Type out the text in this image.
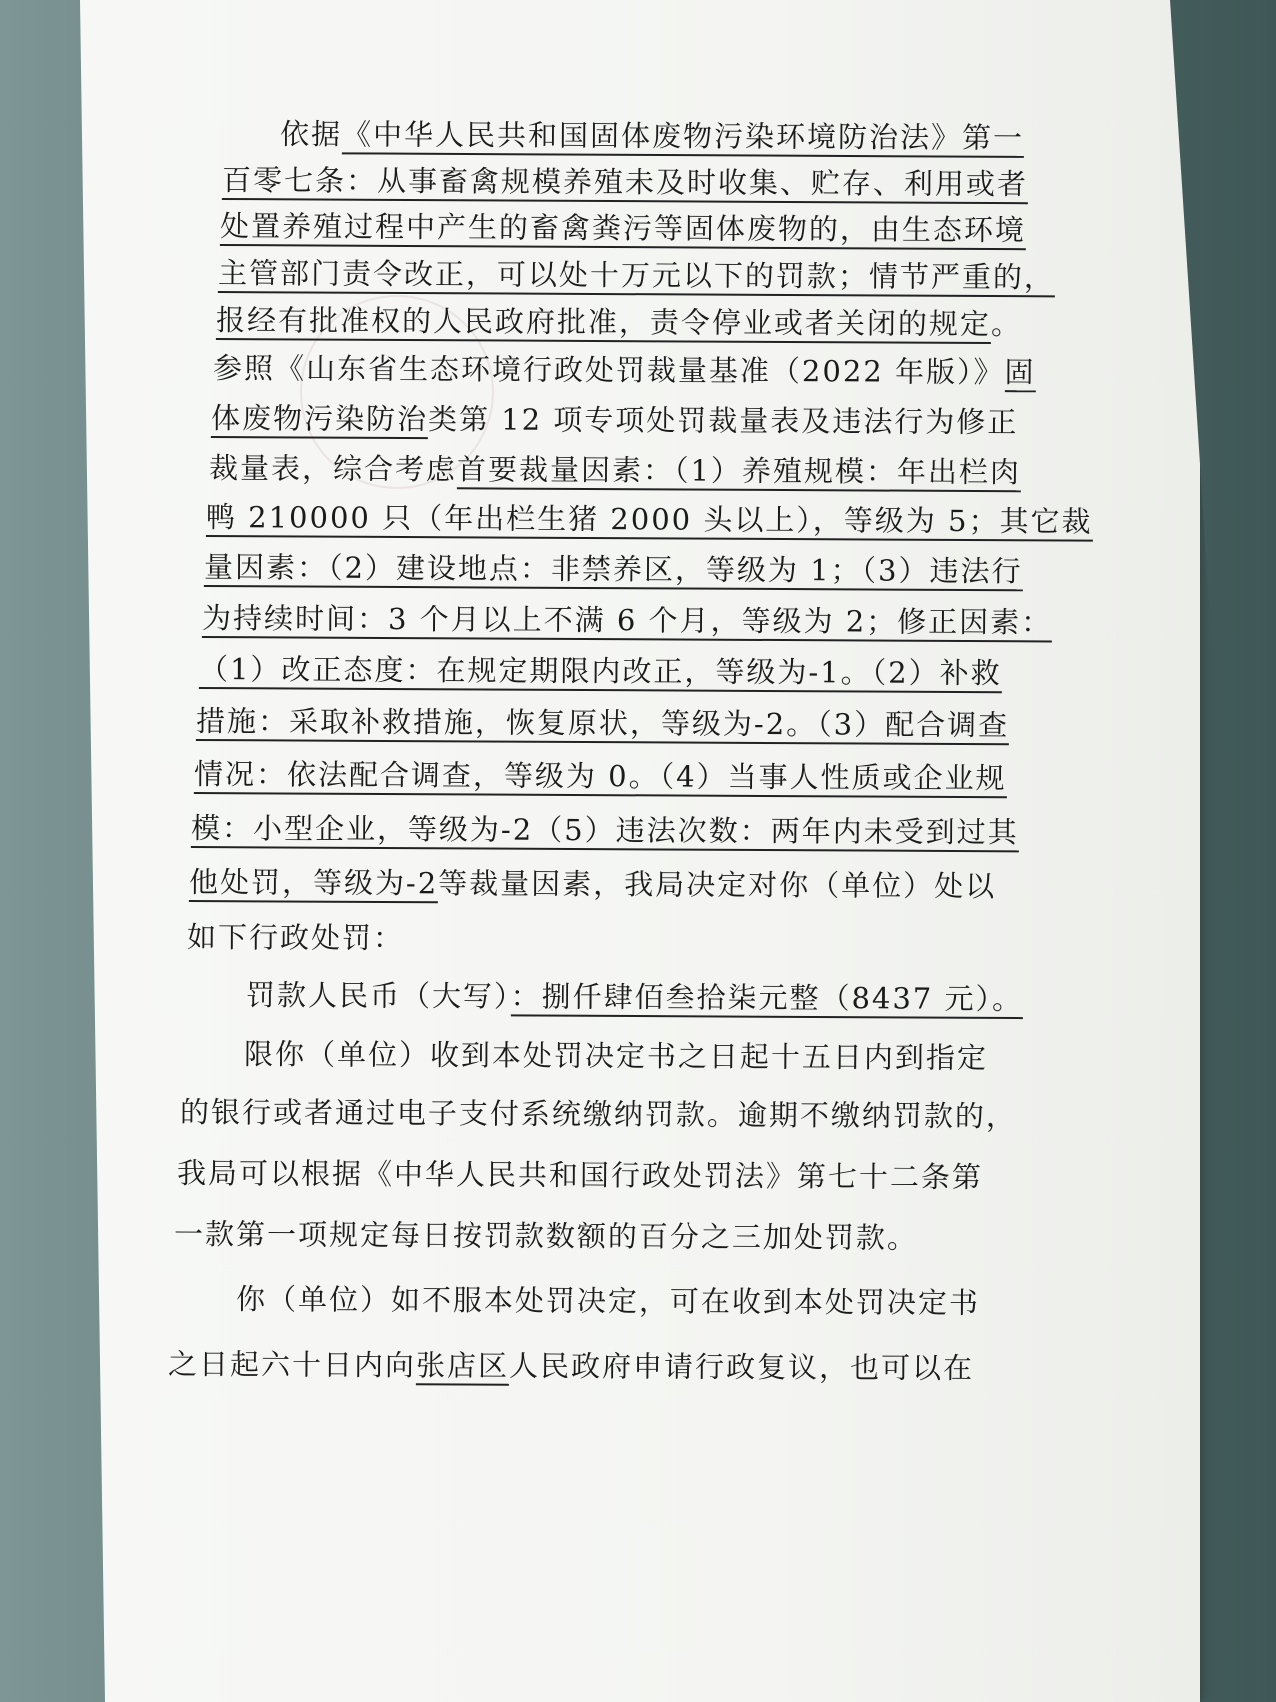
依据《中华人民共和国固体废物污染环境防治法》第一
百零七条：从事畜禽规模养殖未及时收集、贮存、利用或者
处置养殖过程中产生的畜禽粪污等固体废物的，由生态环境
主管部门责令改正，可以处十万元以下的罚款；情节严重的，
报经有批准权的人民政府批准，责令停业或者关闭的规定。
参照《山东省生态环境行政处罚裁量基准（2022 年版）》固
体废物污染防治类第 12 项专项处罚裁量表及违法行为修正
裁量表，综合考虑首要裁量因素：（1）养殖规模：年出栏肉
鸭 210000 只（年出栏生猪 2000 头以上），等级为 5；其它裁
量因素：（2）建设地点：非禁养区，等级为 1；（3）违法行
为持续时间：3 个月以上不满 6 个月，等级为 2；修正因素：
（1）改正态度：在规定期限内改正，等级为-1。（2）补救
措施：采取补救措施，恢复原状，等级为-2。（3）配合调查
情况：依法配合调查，等级为 0。（4）当事人性质或企业规
模：小型企业，等级为-2（5）违法次数：两年内未受到过其
他处罚，等级为-2等裁量因素，我局决定对你（单位）处以
如下行政处罚：
罚款人民币（大写）：捌仟肆佰叁拾柒元整（8437 元）。
限你（单位）收到本处罚决定书之日起十五日内到指定
的银行或者通过电子支付系统缴纳罚款。逾期不缴纳罚款的，
我局可以根据《中华人民共和国行政处罚法》第七十二条第
一款第一项规定每日按罚款数额的百分之三加处罚款。
你（单位）如不服本处罚决定，可在收到本处罚决定书
之日起六十日内向张店区人民政府申请行政复议，也可以在
